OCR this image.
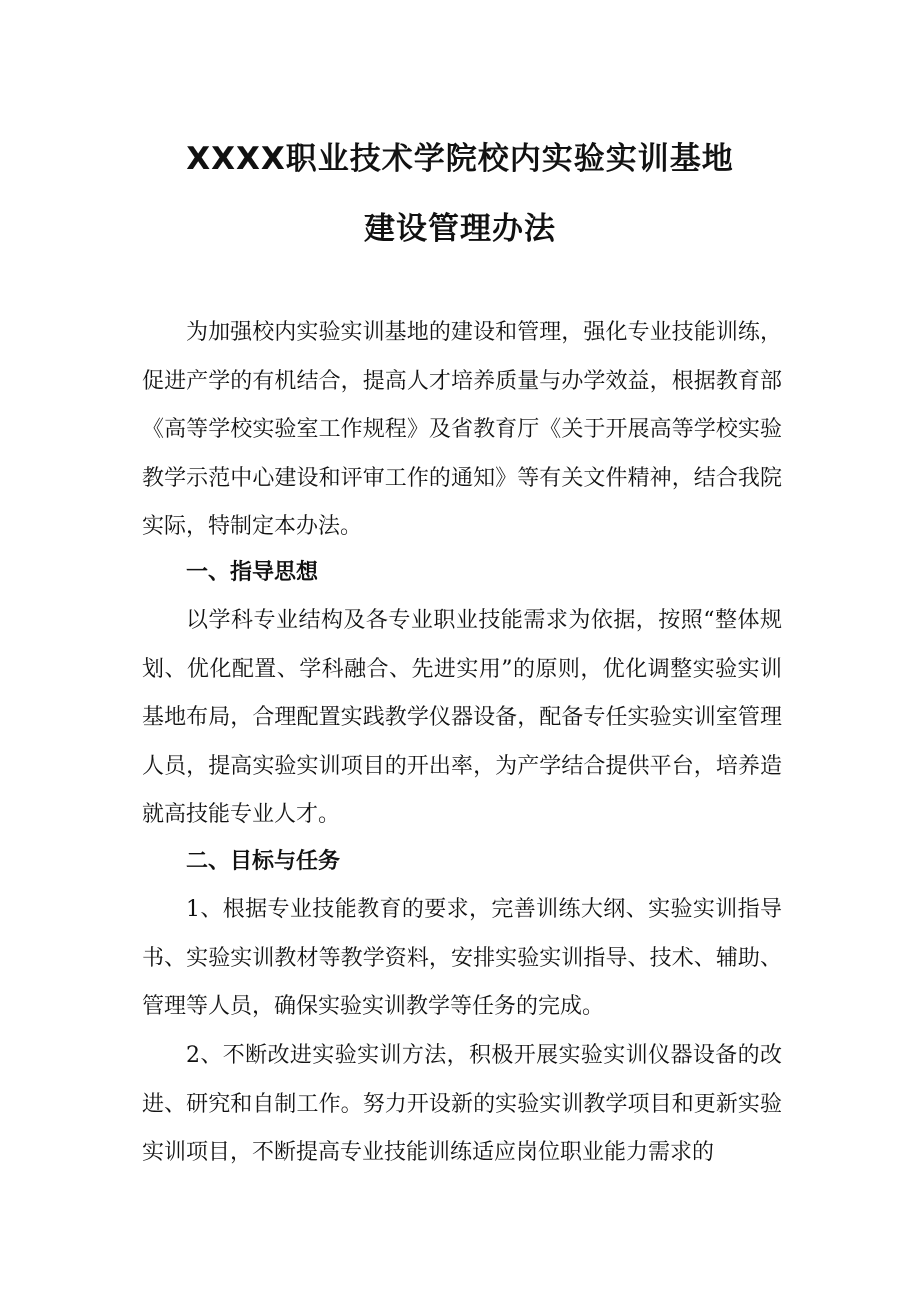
XXXX职业技术学院校内实验实训基地
建设管理办法

为加强校内实验实训基地的建设和管理，强化专业技能训练，促进产学的有机结合，提高人才培养质量与办学效益，根据教育部《高等学校实验室工作规程》及省教育厅《关于开展高等学校实验教学示范中心建设和评审工作的通知》等有关文件精神，结合我院实际，特制定本办法。

一、指导思想

以学科专业结构及各专业职业技能需求为依据，按照“整体规划、优化配置、学科融合、先进实用”的原则，优化调整实验实训基地布局，合理配置实践教学仪器设备，配备专任实验实训室管理人员，提高实验实训项目的开出率，为产学结合提供平台，培养造就高技能专业人才。

二、目标与任务

1、根据专业技能教育的要求，完善训练大纲、实验实训指导书、实验实训教材等教学资料，安排实验实训指导、技术、辅助、管理等人员，确保实验实训教学等任务的完成。

2、不断改进实验实训方法，积极开展实验实训仪器设备的改进、研究和自制工作。努力开设新的实验实训教学项目和更新实验实训项目，不断提高专业技能训练适应岗位职业能力需求的
